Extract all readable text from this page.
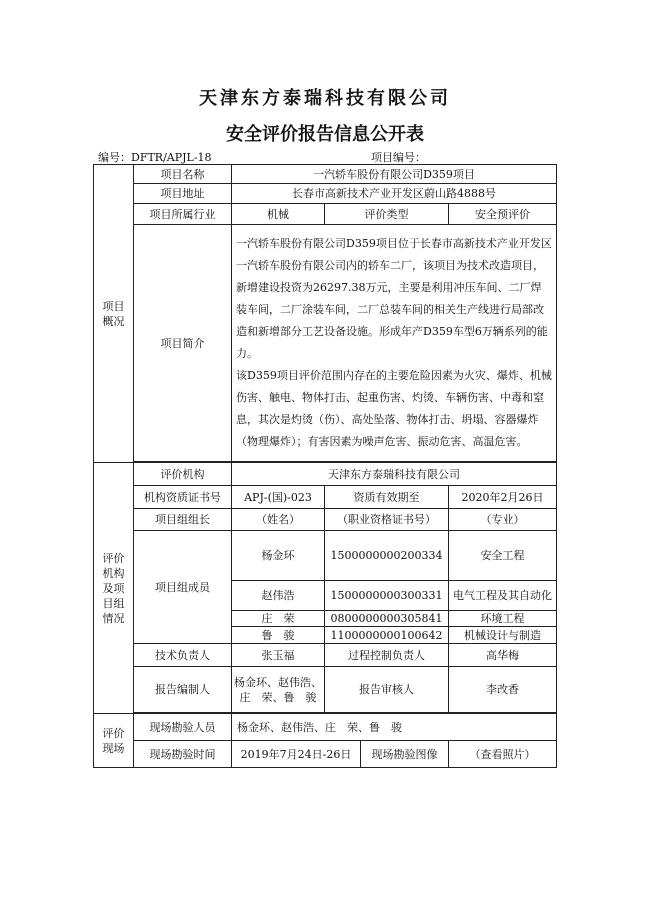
天津东方泰瑞科技有限公司
安全评价报告信息公开表
编号：DFTR/APJL-18	项目编号：
项目
概况	项目名称	一汽轿车股份有限公司D359项目			
	项目地址	长春市高新技术产业开发区蔚山路4888号			
	项目所属行业	机械	评价类型		安全预评价
	项目简介	一汽轿车股份有限公司D359项目位于长春市高新技术产业开发区一汽轿车股份有限公司内的轿车二厂，该项目为技术改造项目，新增建设投资为26297.38万元，主要是利用冲压车间、二厂焊装车间，二厂涂装车间，二厂总装车间的相关生产线进行局部改造和新增部分工艺设备设施。形成年产D359车型6万辆系列的能力。

该D359项目评价范围内存在的主要危险因素为火灾、爆炸、机械伤害、触电、物体打击、起重伤害、灼烫、车辆伤害、中毒和窒息，其次是灼烫（伤）、高处坠落、物体打击、坍塌、容器爆炸（物理爆炸）；有害因素为噪声危害、振动危害、高温危害。			

评价
机构
及项
目组
情况	评价机构	天津东方泰瑞科技有限公司			
	机构资质证书号	APJ-(国)-023	资质有效期至		2020年2月26日
	项目组组长	（姓名）	（职业资格证书号）		（专业）
	项目组成员	杨金环	1500000000200334		安全工程
		赵伟浩	1500000000300331		电气工程及其自动化
		庄　荣	0800000000305841		环境工程
		鲁　骏	1100000000100642		机械设计与制造
	技术负责人	张玉福	过程控制负责人		高华梅
	报告编制人	杨金环、赵伟浩、
庄　荣、鲁　骏	报告审核人		李改香

评价
现场	现场勘验人员	杨金环、赵伟浩、庄　荣、鲁　骏			
	现场勘验时间	2019年7月24日-26日		现场勘验图像	（查看照片）
